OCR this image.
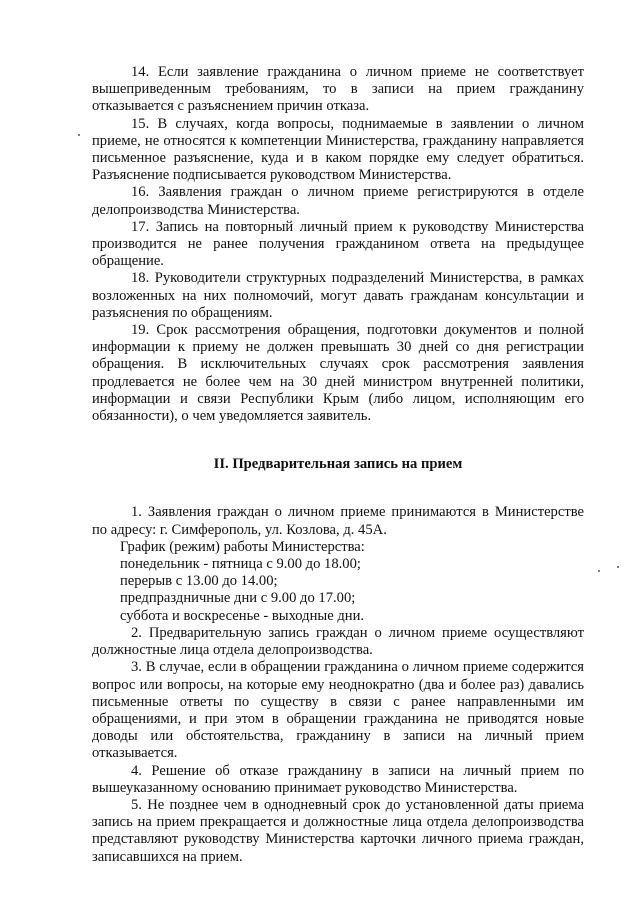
14. Если заявление гражданина о личном приеме не соответствует вышеприведенным требованиям, то в записи на прием гражданину отказывается с разъяснением причин отказа.

15. В случаях, когда вопросы, поднимаемые в заявлении о личном приеме, не относятся к компетенции Министерства, гражданину направляется письменное разъяснение, куда и в каком порядке ему следует обратиться. Разъяснение подписывается руководством Министерства.

16. Заявления граждан о личном приеме регистрируются в отделе делопроизводства Министерства.

17. Запись на повторный личный прием к руководству Министерства производится не ранее получения гражданином ответа на предыдущее обращение.

18. Руководители структурных подразделений Министерства, в рамках возложенных на них полномочий, могут давать гражданам консультации и разъяснения по обращениям.

19. Срок рассмотрения обращения, подготовки документов и полной информации к приему не должен превышать 30 дней со дня регистрации обращения. В исключительных случаях срок рассмотрения заявления продлевается не более чем на 30 дней министром внутренней политики, информации и связи Республики Крым (либо лицом, исполняющим его обязанности), о чем уведомляется заявитель.

II. Предварительная запись на прием

1. Заявления граждан о личном приеме принимаются в Министерстве по адресу: г. Симферополь, ул. Козлова, д. 45А.

График (режим) работы Министерства:

понедельник - пятница с 9.00 до 18.00;

перерыв с 13.00 до 14.00;

предпраздничные дни с 9.00 до 17.00;

суббота и воскресенье - выходные дни.

2. Предварительную запись граждан о личном приеме осуществляют должностные лица отдела делопроизводства.

3. В случае, если в обращении гражданина о личном приеме содержится вопрос или вопросы, на которые ему неоднократно (два и более раз) давались письменные ответы по существу в связи с ранее направленными им обращениями, и при этом в обращении гражданина не приводятся новые доводы или обстоятельства, гражданину в записи на личный прием отказывается.

4. Решение об отказе гражданину в записи на личный прием по вышеуказанному основанию принимает руководство Министерства.

5. Не позднее чем в однодневный срок до установленной даты приема запись на прием прекращается и должностные лица отдела делопроизводства представляют руководству Министерства карточки личного приема граждан, записавшихся на прием.
